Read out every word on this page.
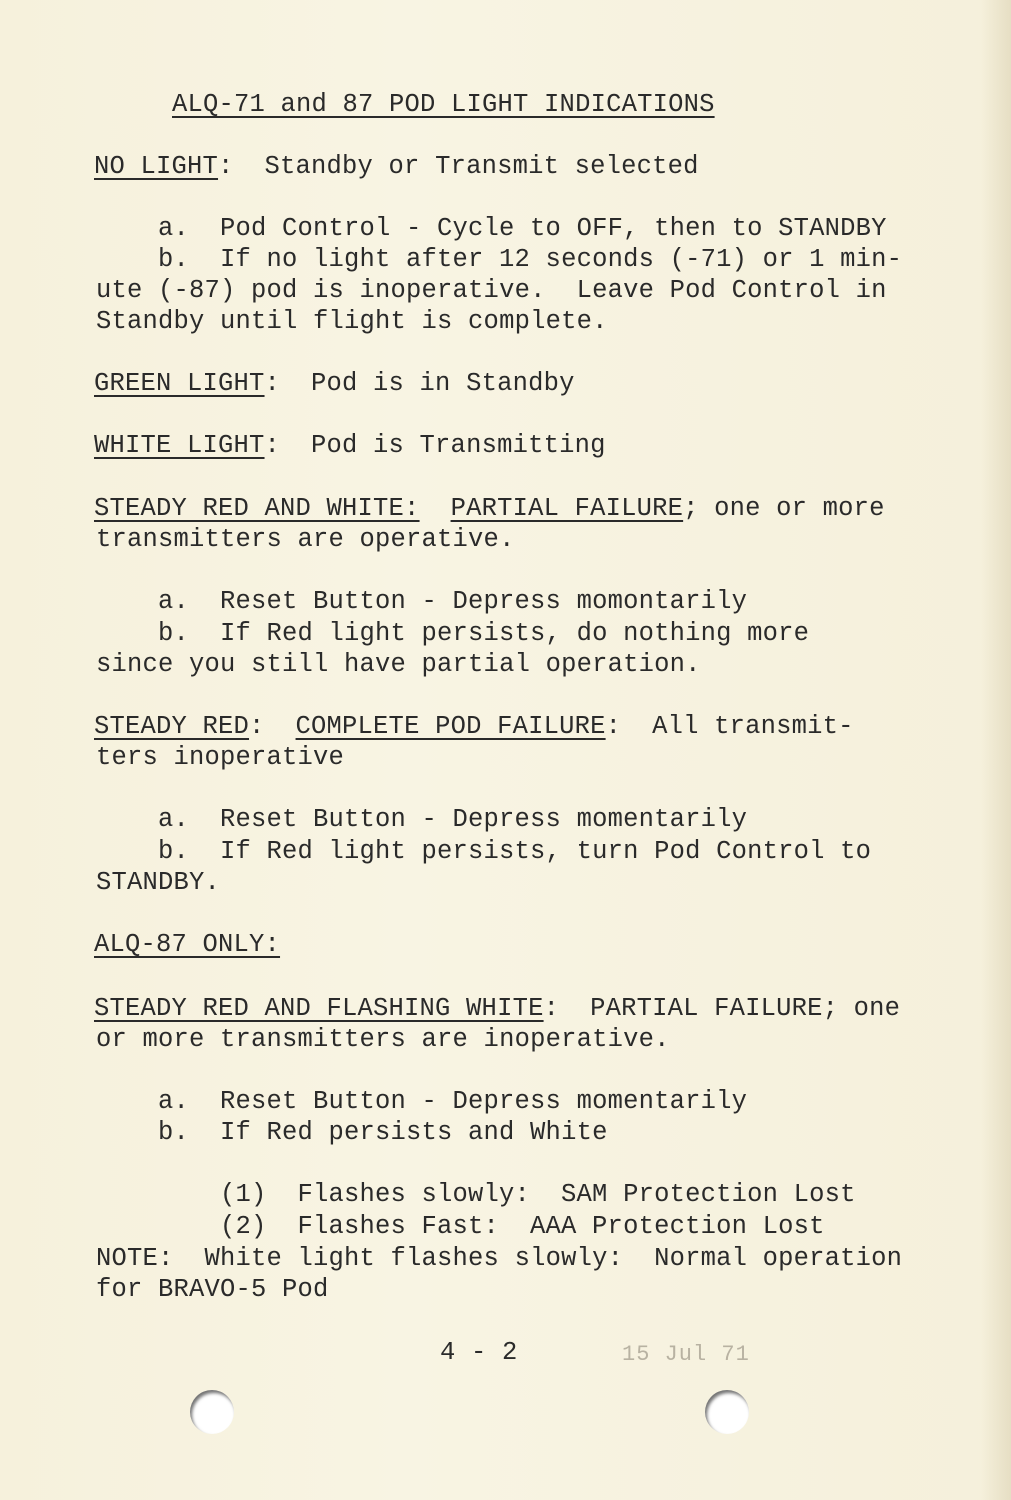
ALQ-71 and 87 POD LIGHT INDICATIONS
NO LIGHT:  Standby or Transmit selected
a.  Pod Control - Cycle to OFF, then to STANDBY
b.  If no light after 12 seconds (-71) or 1 min-
ute (-87) pod is inoperative.  Leave Pod Control in
Standby until flight is complete.
GREEN LIGHT:  Pod is in Standby
WHITE LIGHT:  Pod is Transmitting
STEADY RED AND WHITE: PARTIAL FAILURE; one or more
transmitters are operative.
a.  Reset Button - Depress momontarily
b.  If Red light persists, do nothing more
since you still have partial operation.
STEADY RED:  COMPLETE POD FAILURE:  All transmit-
ters inoperative
a.  Reset Button - Depress momentarily
b.  If Red light persists, turn Pod Control to
STANDBY.
ALQ-87 ONLY:
STEADY RED AND FLASHING WHITE:  PARTIAL FAILURE; one
or more transmitters are inoperative.
a.  Reset Button - Depress momentarily
b.  If Red persists and White
(1)  Flashes slowly:  SAM Protection Lost
(2)  Flashes Fast:  AAA Protection Lost
NOTE:  White light flashes slowly:  Normal operation
for BRAVO-5 Pod
4 - 2	15 Jul 71
